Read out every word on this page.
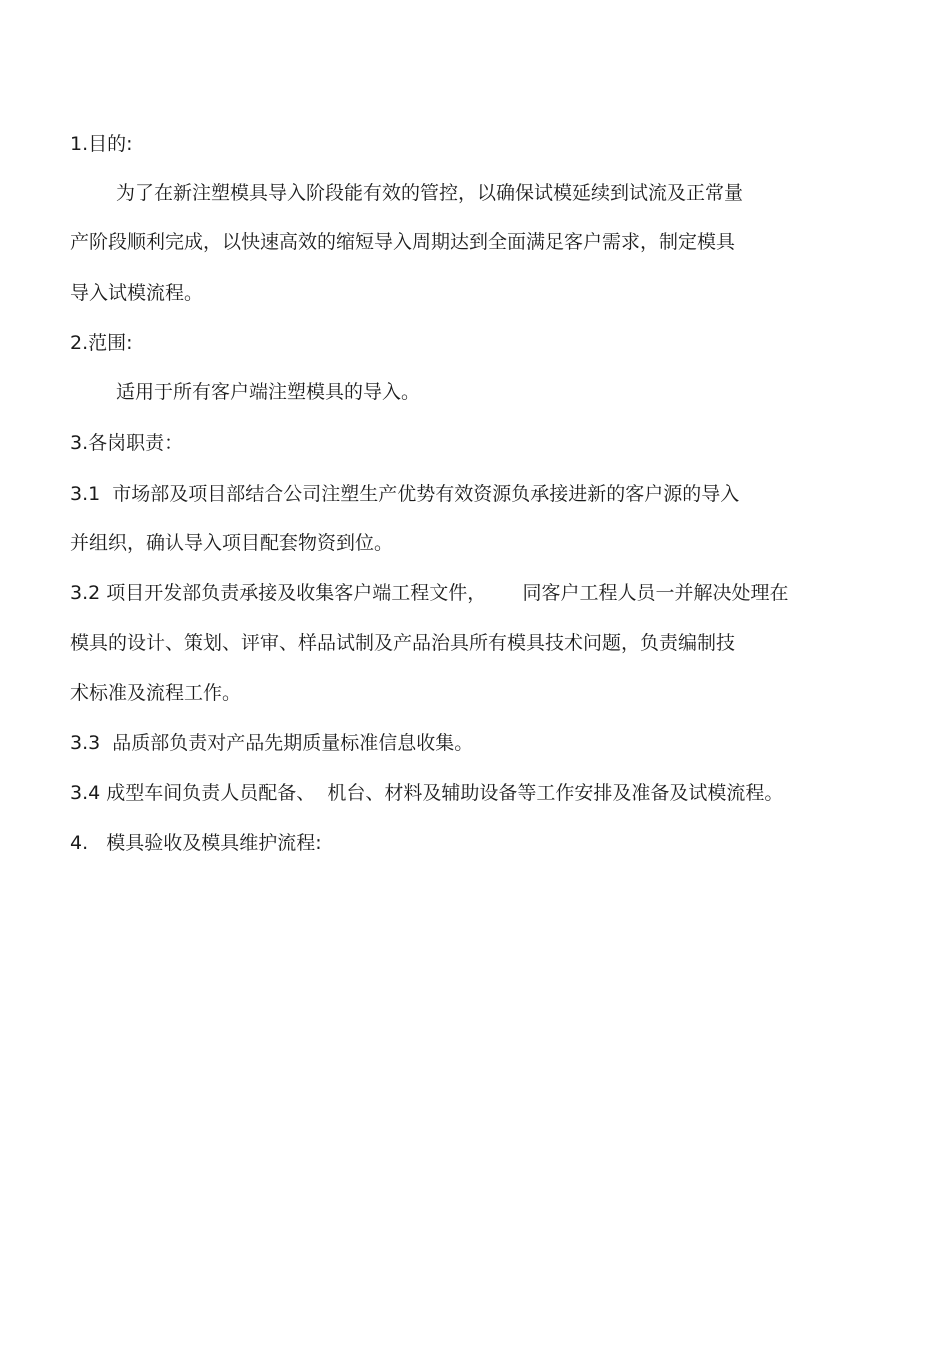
1.目的:
为了在新注塑模具导入阶段能有效的管控，以确保试模延续到试流及正常量
产阶段顺利完成，以快速高效的缩短导入周期达到全面满足客户需求，制定模具
导入试模流程。
2.范围:
适用于所有客户端注塑模具的导入。
3.各岗职责：
3.1  市场部及项目部结合公司注塑生产优势有效资源负承接进新的客户源的导入
并组织，确认导入项目配套物资到位。
3.2 项目开发部负责承接及收集客户端工程文件，      同客户工程人员一并解决处理在
模具的设计、策划、评审、样品试制及产品治具所有模具技术问题，负责编制技
术标准及流程工作。
3.3  品质部负责对产品先期质量标准信息收集。
3.4 成型车间负责人员配备、  机台、材料及辅助设备等工作安排及准备及试模流程。
4.   模具验收及模具维护流程:
